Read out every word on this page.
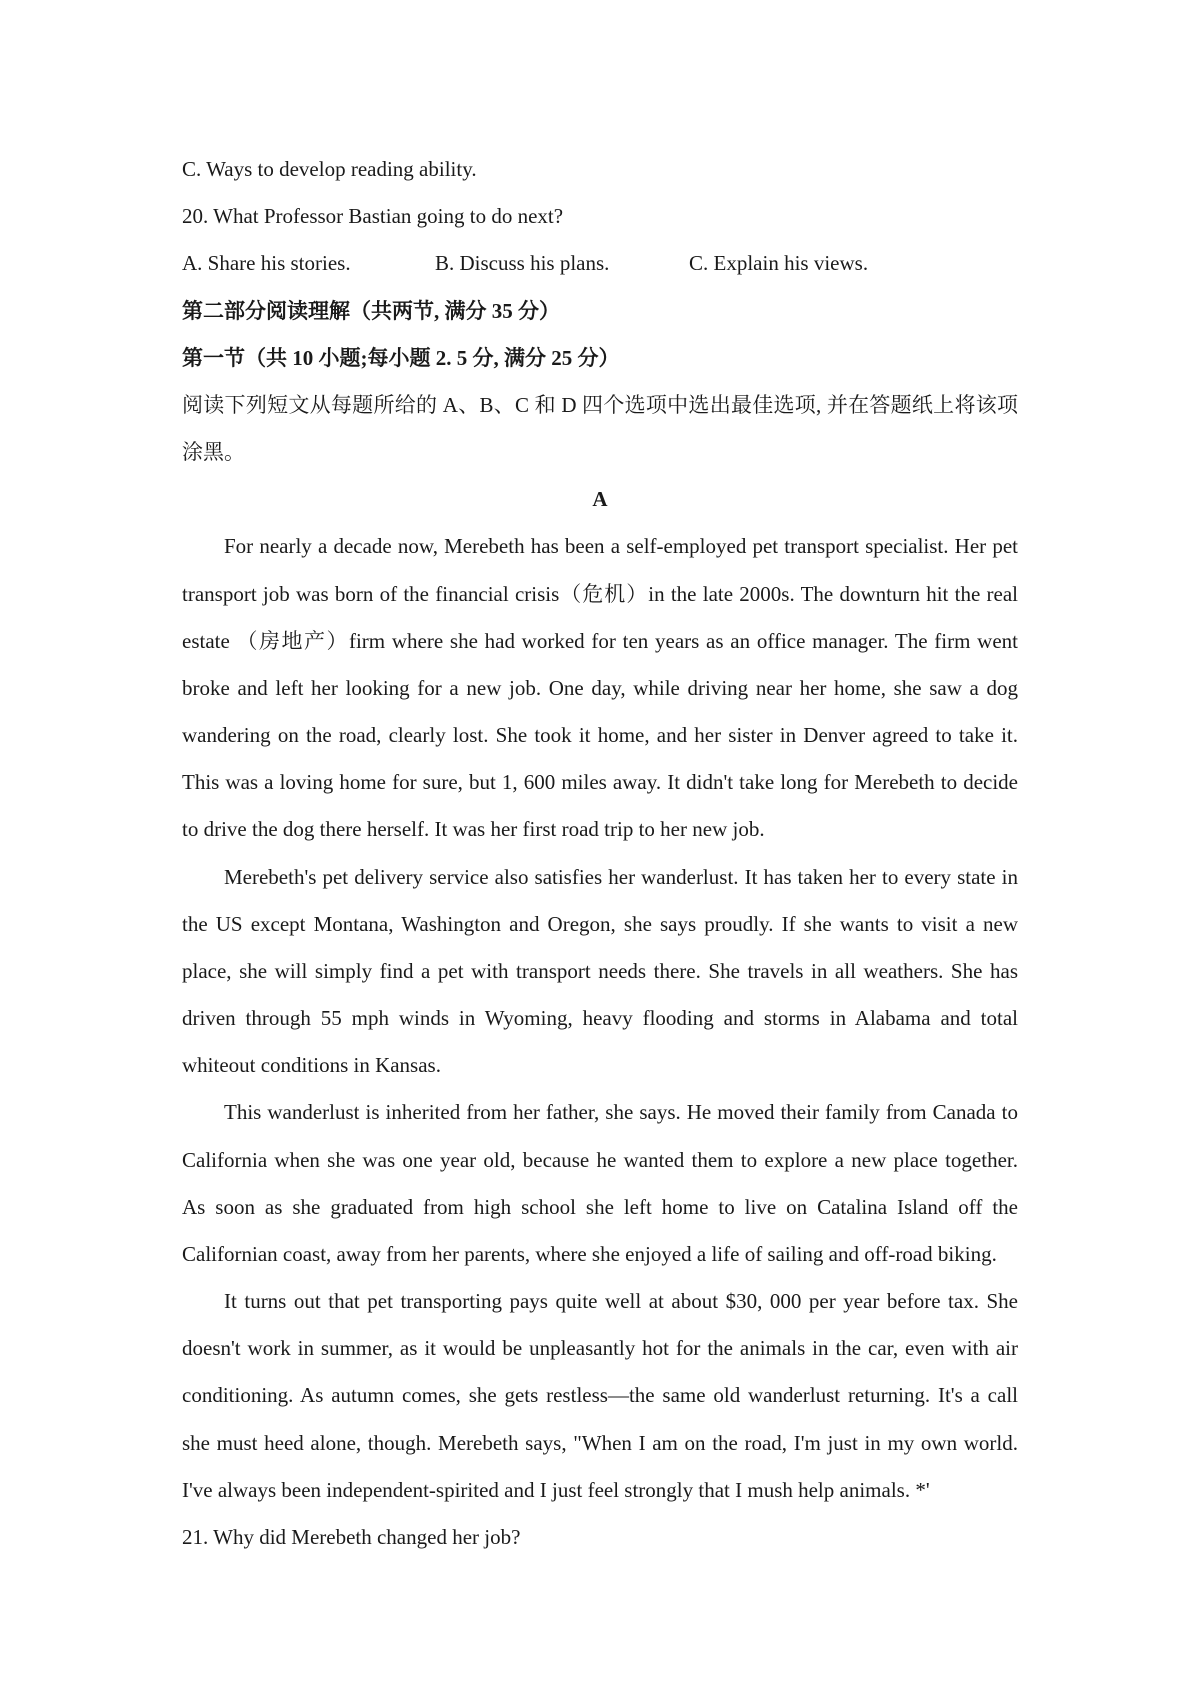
C. Ways to develop reading ability.
20. What Professor Bastian going to do next?
A. Share his stories.	B. Discuss his plans.	C. Explain his views.
第二部分阅读理解（共两节, 满分 35 分）
第一节（共 10 小题;每小题 2. 5 分, 满分 25 分）
阅读下列短文从每题所给的 A、B、C 和 D 四个选项中选出最佳选项, 并在答题纸上将该项
涂黑。
A
For nearly a decade now, Merebeth has been a self-employed pet transport specialist. Her pet
transport job was born of the financial crisis（危机）in the late 2000s. The downturn hit the real
estate （房地产）firm where she had worked for ten years as an office manager. The firm went
broke and left her looking for a new job. One day, while driving near her home, she saw a dog
wandering on the road, clearly lost. She took it home, and her sister in Denver agreed to take it.
This was a loving home for sure, but 1, 600 miles away. It didn't take long for Merebeth to decide
to drive the dog there herself. It was her first road trip to her new job.
Merebeth's pet delivery service also satisfies her wanderlust. It has taken her to every state in
the US except Montana, Washington and Oregon, she says proudly. If she wants to visit a new
place, she will simply find a pet with transport needs there. She travels in all weathers. She has
driven through 55 mph winds in Wyoming, heavy flooding and storms in Alabama and total
whiteout conditions in Kansas.
This wanderlust is inherited from her father, she says. He moved their family from Canada to
California when she was one year old, because he wanted them to explore a new place together.
As soon as she graduated from high school she left home to live on Catalina Island off the
Californian coast, away from her parents, where she enjoyed a life of sailing and off-road biking.
It turns out that pet transporting pays quite well at about $30, 000 per year before tax. She
doesn't work in summer, as it would be unpleasantly hot for the animals in the car, even with air
conditioning. As autumn comes, she gets restless—the same old wanderlust returning. It's a call
she must heed alone, though. Merebeth says, "When I am on the road, I'm just in my own world.
I've always been independent-spirited and I just feel strongly that I mush help animals. *'
21. Why did Merebeth changed her job?
